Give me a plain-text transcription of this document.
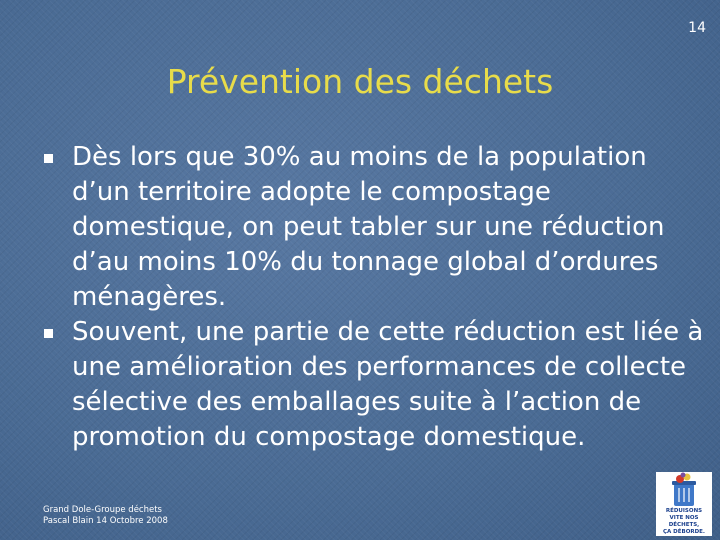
14
Prévention des déchets
Dès lors que 30% au moins de la population d’un territoire adopte le compostage domestique, on peut tabler sur une réduction d’au moins 10% du tonnage global d’ordures ménagères.
Souvent, une partie de cette réduction est liée à une amélioration des performances de collecte sélective des emballages suite à l’action de promotion du compostage domestique.
Grand Dole-Groupe déchets
Pascal Blain 14 Octobre 2008
RÉDUISONS
VITE NOS DÉCHETS,
ÇA DÉBORDE.
